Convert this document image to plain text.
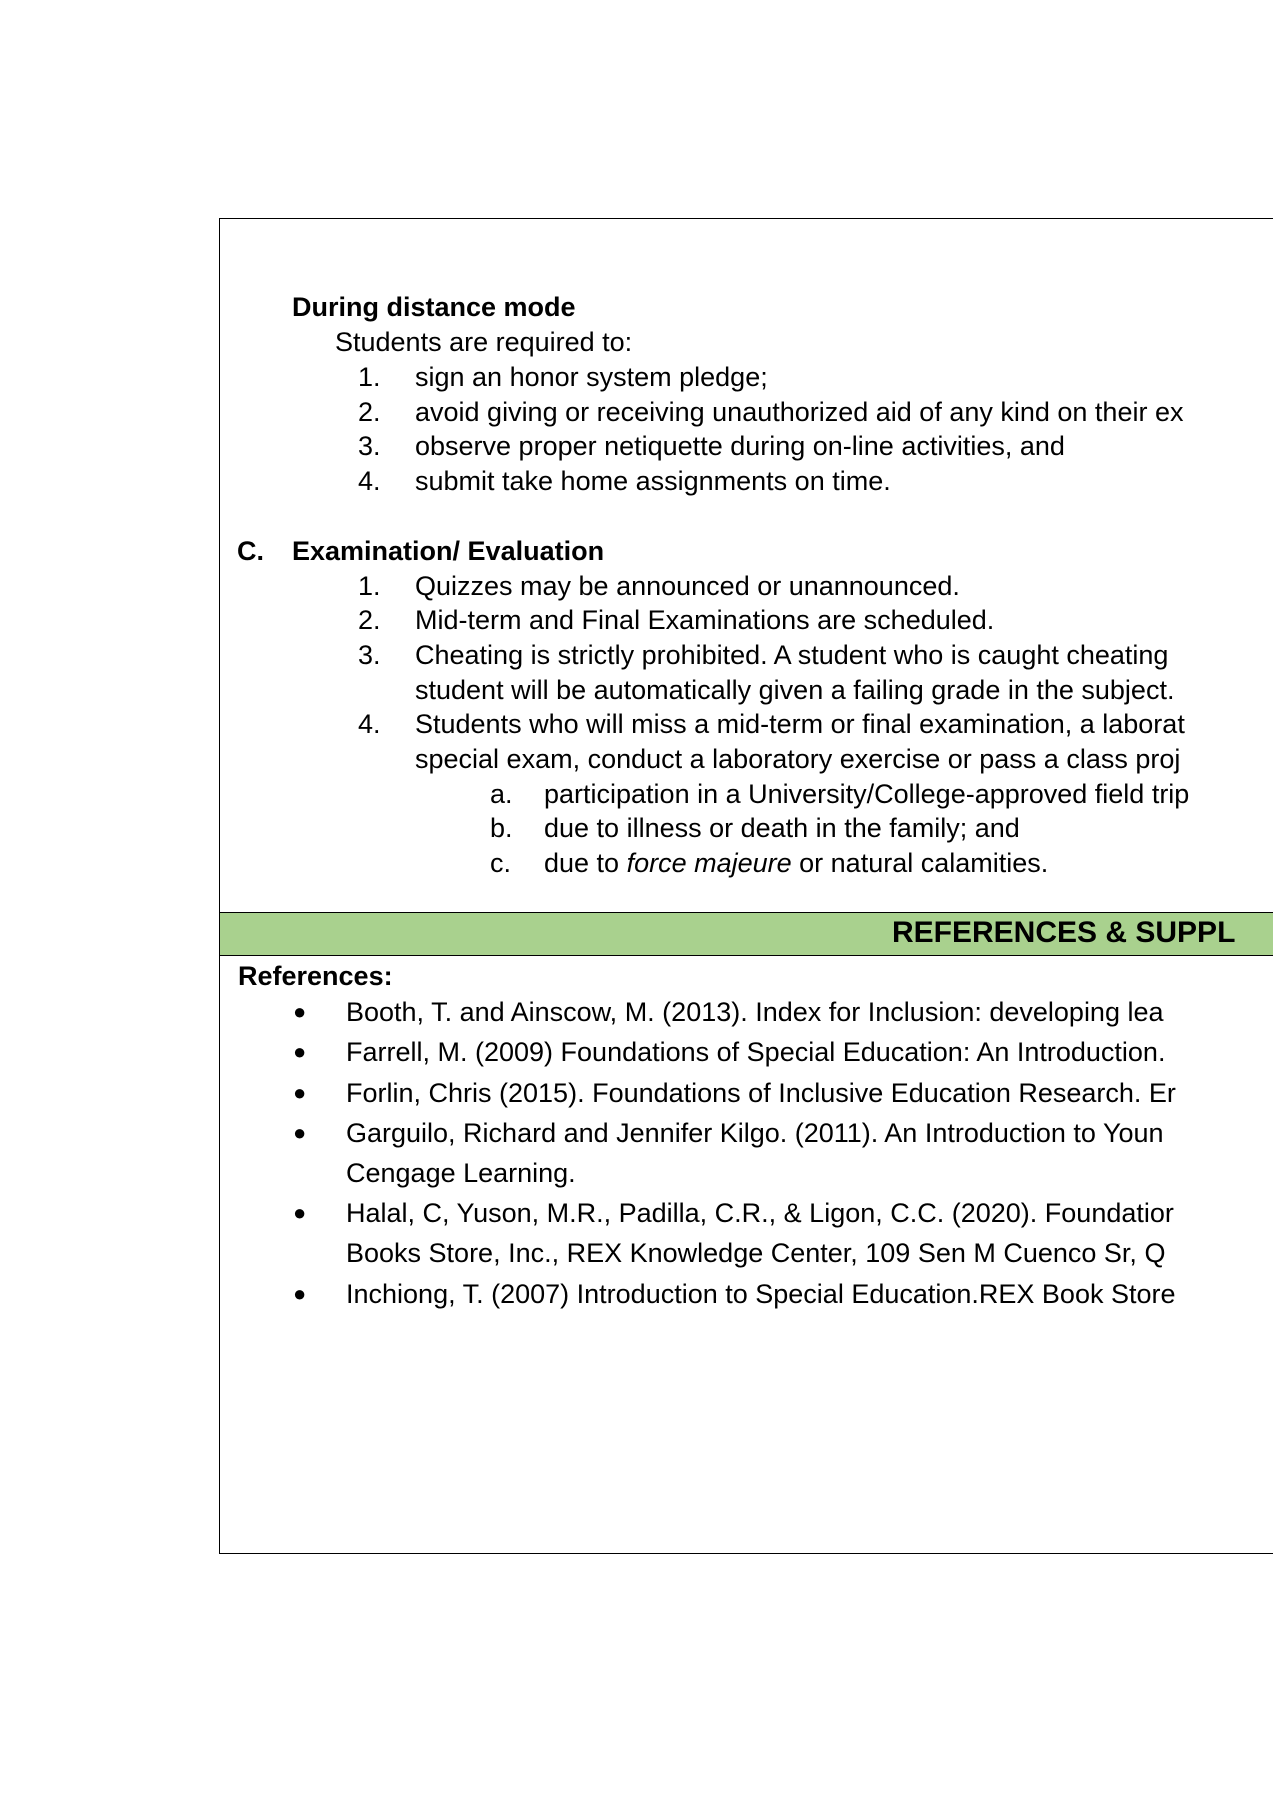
During distance mode
Students are required to:
1. sign an honor system pledge;
2. avoid giving or receiving unauthorized aid of any kind on their ex
3. observe proper netiquette during on-line activities, and
4. submit take home assignments on time.
C. Examination/ Evaluation
1. Quizzes may be announced or unannounced.
2. Mid-term and Final Examinations are scheduled.
3. Cheating is strictly prohibited. A student who is caught cheating
student will be automatically given a failing grade in the subject.
4. Students who will miss a mid-term or final examination, a laborat
special exam, conduct a laboratory exercise or pass a class proj
a. participation in a University/College-approved field trip
b. due to illness or death in the family; and
c. due to force majeure or natural calamities.
REFERENCES & SUPPL
References:
● Booth, T. and Ainscow, M. (2013). Index for Inclusion: developing lea
● Farrell, M. (2009) Foundations of Special Education: An Introduction.
● Forlin, Chris (2015). Foundations of Inclusive Education Research. Er
● Garguilo, Richard and Jennifer Kilgo. (2011). An Introduction to Youn
Cengage Learning.
● Halal, C, Yuson, M.R., Padilla, C.R., & Ligon, C.C. (2020). Foundatior
Books Store, Inc., REX Knowledge Center, 109 Sen M Cuenco Sr, Q
● Inchiong, T. (2007) Introduction to Special Education.REX Book Store
